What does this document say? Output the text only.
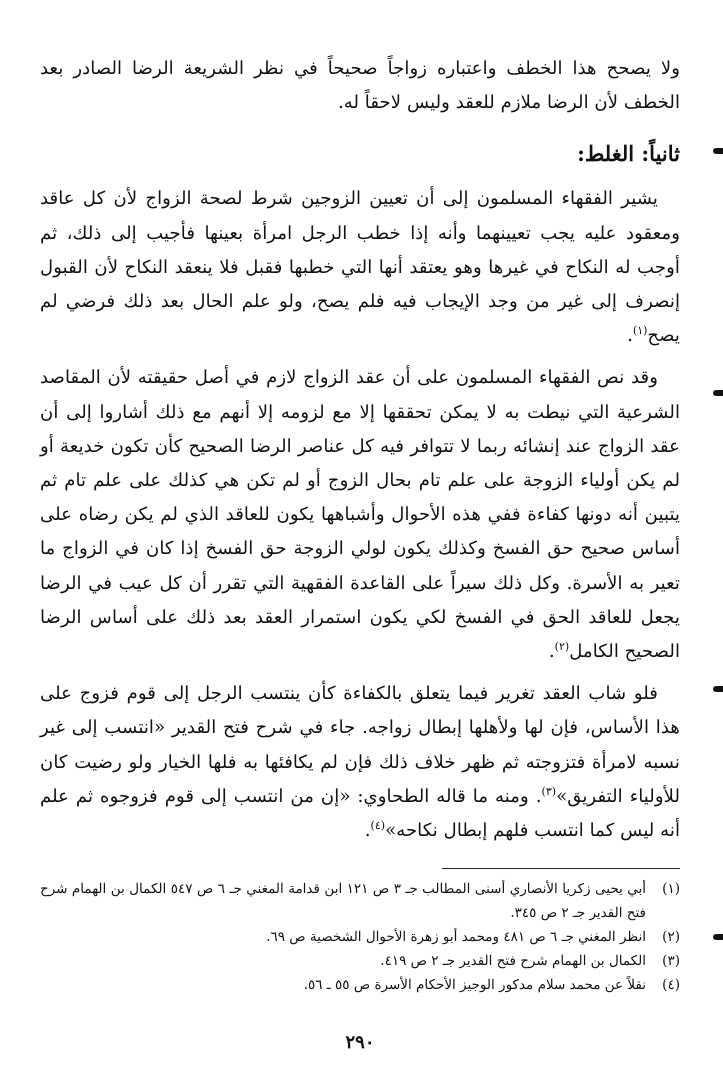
ولا يصحح هذا الخطف واعتباره زواجاً صحيحاً في نظر الشريعة الرضا الصادر بعد الخطف لأن الرضا ملازم للعقد وليس لاحقاً له.

ثانياً: الغلط:

يشير الفقهاء المسلمون إلى أن تعيين الزوجين شرط لصحة الزواج لأن كل عاقد ومعقود عليه يجب تعيينهما وأنه إذا خطب الرجل امرأة بعينها فأجيب إلى ذلك، ثم أوجب له النكاح في غيرها وهو يعتقد أنها التي خطبها فقبل فلا ينعقد النكاح لأن القبول إنصرف إلى غير من وجد الإيجاب فيه فلم يصح، ولو علم الحال بعد ذلك فرضي لم يصح$^{(١)}$.

وقد نص الفقهاء المسلمون على أن عقد الزواج لازم في أصل حقيقته لأن المقاصد الشرعية التي نيطت به لا يمكن تحققها إلا مع لزومه إلا أنهم مع ذلك أشاروا إلى أن عقد الزواج عند إنشائه ربما لا تتوافر فيه كل عناصر الرضا الصحيح كأن تكون خديعة أو لم يكن أولياء الزوجة على علم تام بحال الزوج أو لم تكن هي كذلك على علم تام ثم يتبين أنه دونها كفاءة ففي هذه الأحوال وأشباهها يكون للعاقد الذي لم يكن رضاه على أساس صحيح حق الفسخ وكذلك يكون لولي الزوجة حق الفسخ إذا كان في الزواج ما تعير به الأسرة. وكل ذلك سيراً على القاعدة الفقهية التي تقرر أن كل عيب في الرضا يجعل للعاقد الحق في الفسخ لكي يكون استمرار العقد بعد ذلك على أساس الرضا الصحيح الكامل$^{(٢)}$.

فلو شاب العقد تغرير فيما يتعلق بالكفاءة كأن ينتسب الرجل إلى قوم فزوج على هذا الأساس، فإن لها ولأهلها إبطال زواجه. جاء في شرح فتح القدير «انتسب إلى غير نسبه لامرأة فتزوجته ثم ظهر خلاف ذلك فإن لم يكافئها به فلها الخيار ولو رضيت كان للأولياء التفريق»$^{(٣)}$. ومنه ما قاله الطحاوي: «إن من انتسب إلى قوم فزوجوه ثم علم أنه ليس كما انتسب فلهم إبطال نكاحه»$^{(٤)}$.

(١)
أبي يحيى زكريا الأنصاري أسنى المطالب جـ ٣ ص ١٢١ ابن قدامة المغني جـ ٦ ص ٥٤٧ الكمال بن الهمام شرح فتح القدير جـ ٢ ص ٣٤٥.
(٢)
انظر المغني جـ ٦ ص ٤٨١ ومحمد أبو زهرة الأحوال الشخصية ص ٦٩.
(٣)
الكمال بن الهمام شرح فتح القدير جـ ٢ ص ٤١٩.
(٤)
نقلاً عن محمد سلام مدكور الوجيز الأحكام الأسرة ص ٥٥ ـ ٥٦.
٢٩٠
